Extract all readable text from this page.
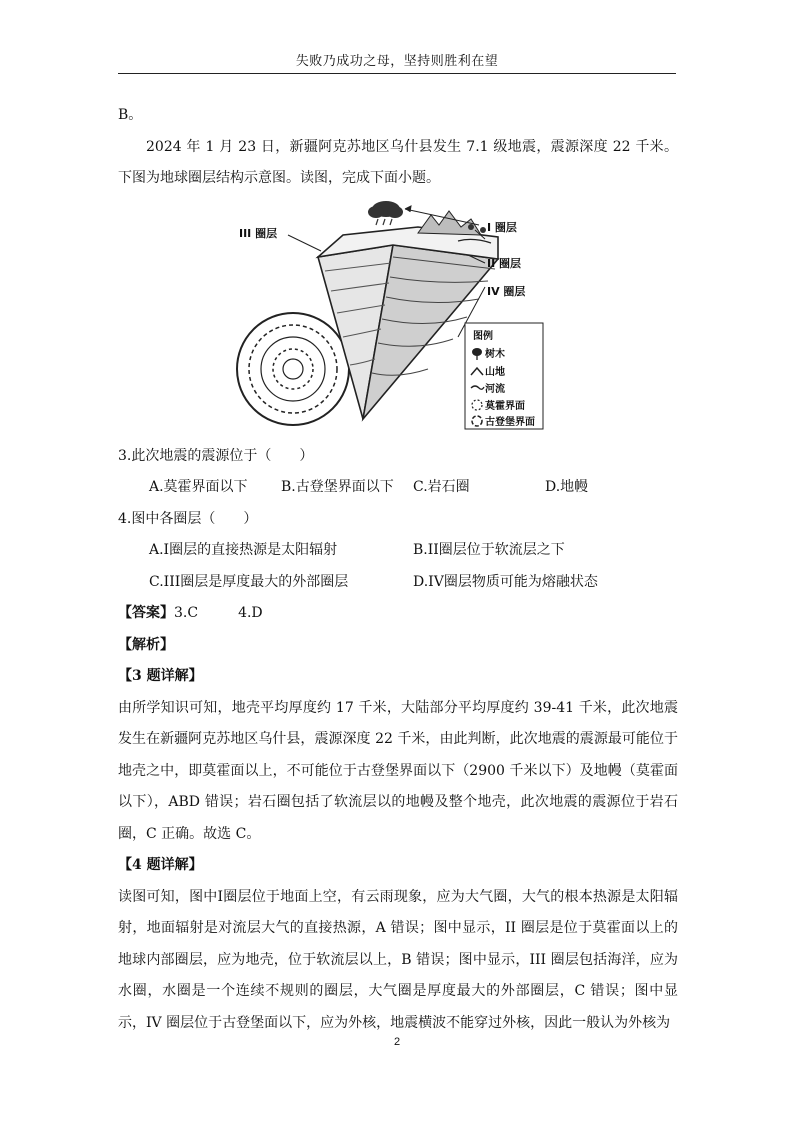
失败乃成功之母，坚持则胜利在望

B。

2024 年 1 月 23 日，新疆阿克苏地区乌什县发生 7.1 级地震，震源深度 22 千米。下图为地球圈层结构示意图。读图，完成下面小题。

I 圈层
II 圈层
III 圈层
IV 圈层
图例
树木
山地
河流
莫霍界面
古登堡界面

3.此次地震的震源位于（　　）

A.莫霍界面以下	B.古登堡界面以下	C.岩石圈	D.地幔

4.图中各圈层（　　）

A.I圈层的直接热源是太阳辐射	B.II圈层位于软流层之下
C.III圈层是厚度最大的外部圈层	D.IV圈层物质可能为熔融状态

【答案】3.C	4.D

【解析】

【3 题详解】

由所学知识可知，地壳平均厚度约 17 千米，大陆部分平均厚度约 39-41 千米，此次地震发生在新疆阿克苏地区乌什县，震源深度 22 千米，由此判断，此次地震的震源最可能位于地壳之中，即莫霍面以上，不可能位于古登堡界面以下（2900 千米以下）及地幔（莫霍面以下），ABD 错误；岩石圈包括了软流层以的地幔及整个地壳，此次地震的震源位于岩石圈，C 正确。故选 C。

【4 题详解】

读图可知，图中I圈层位于地面上空，有云雨现象，应为大气圈，大气的根本热源是太阳辐射，地面辐射是对流层大气的直接热源，A 错误；图中显示，II 圈层是位于莫霍面以上的地球内部圈层，应为地壳，位于软流层以上，B 错误；图中显示，III 圈层包括海洋，应为水圈，水圈是一个连续不规则的圈层，大气圈是厚度最大的外部圈层，C 错误；图中显示，IV 圈层位于古登堡面以下，应为外核，地震横波不能穿过外核，因此一般认为外核为

2
